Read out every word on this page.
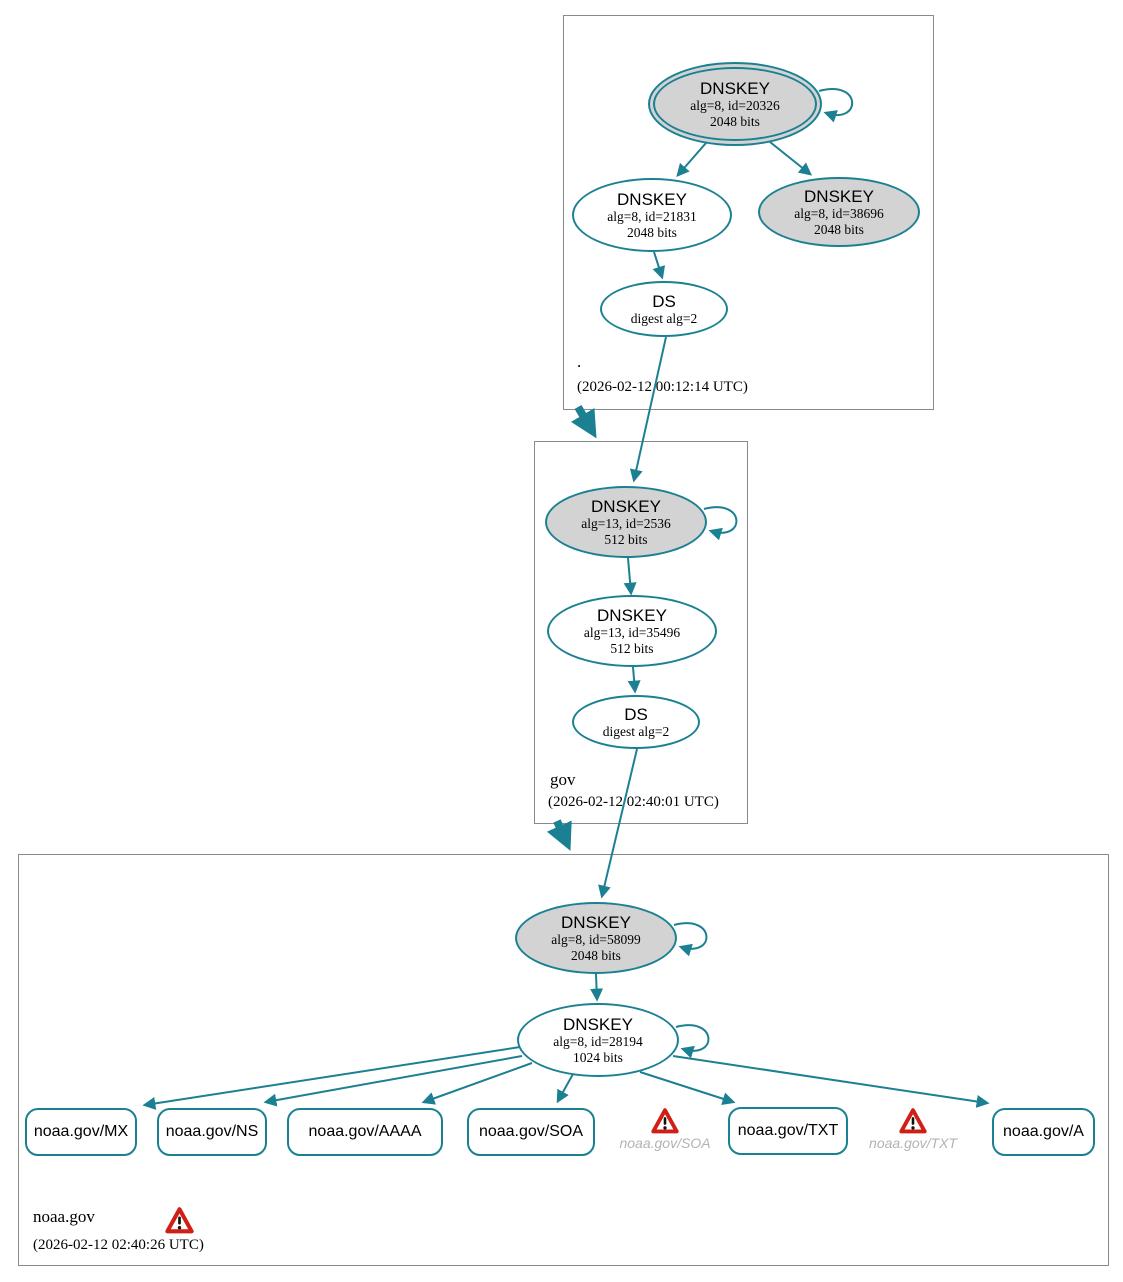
DNSKEY
alg=8, id=20326
2048 bits
DNSKEY
alg=8, id=21831
2048 bits
DNSKEY
alg=8, id=38696
2048 bits
DS
digest alg=2
.
(2026-02-12 00:12:14 UTC)
DNSKEY
alg=13, id=2536
512 bits
DNSKEY
alg=13, id=35496
512 bits
DS
digest alg=2
gov
(2026-02-12 02:40:01 UTC)
DNSKEY
alg=8, id=58099
2048 bits
DNSKEY
alg=8, id=28194
1024 bits
noaa.gov/MX noaa.gov/NS	noaa.gov/AAAA	noaa.gov/SOA
noaa.gov/SOA
noaa.gov/TXT
noaa.gov/TXT
noaa.gov/A
noaa.gov
(2026-02-12 02:40:26 UTC)
